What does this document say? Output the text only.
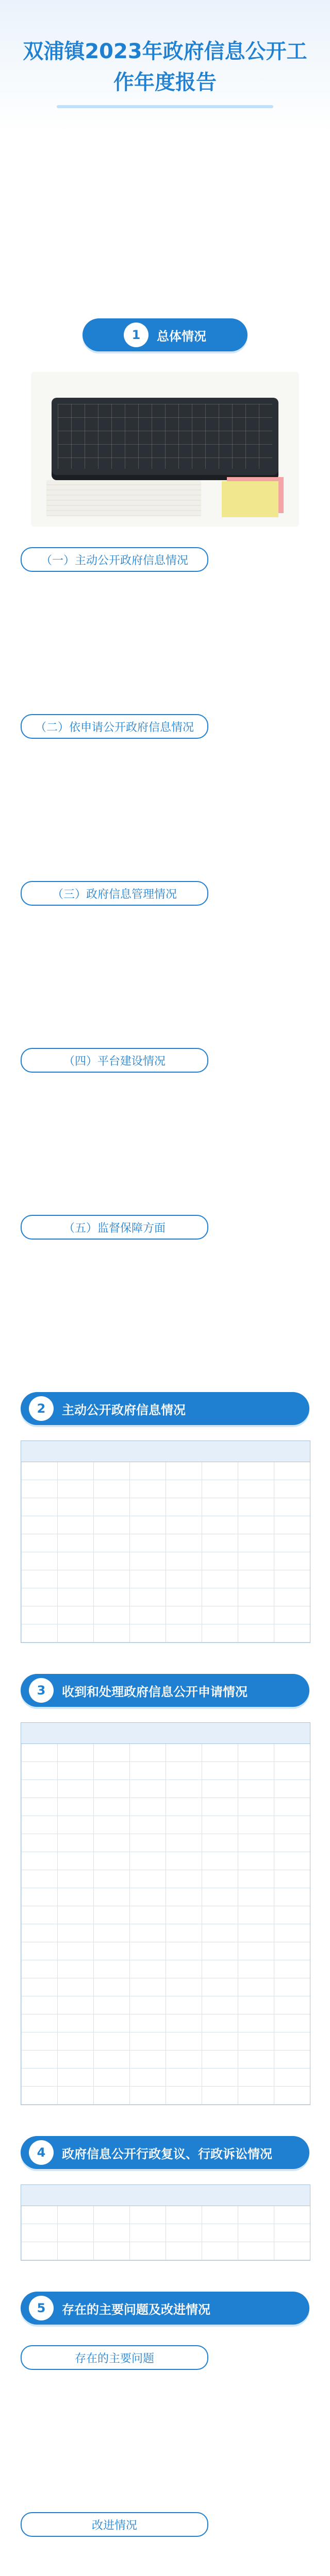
双浦镇2023年政府信息公开工作年度报告

1	总体情况
（一）主动公开政府信息情况

（二）依申请公开政府信息情况

（三）政府信息管理情况

（四）平台建设情况

（五）监督保障方面

2	主动公开政府信息情况
3	收到和处理政府信息公开申请情况
4	政府信息公开行政复议、行政诉讼情况
5	存在的主要问题及改进情况
存在的主要问题

改进情况
